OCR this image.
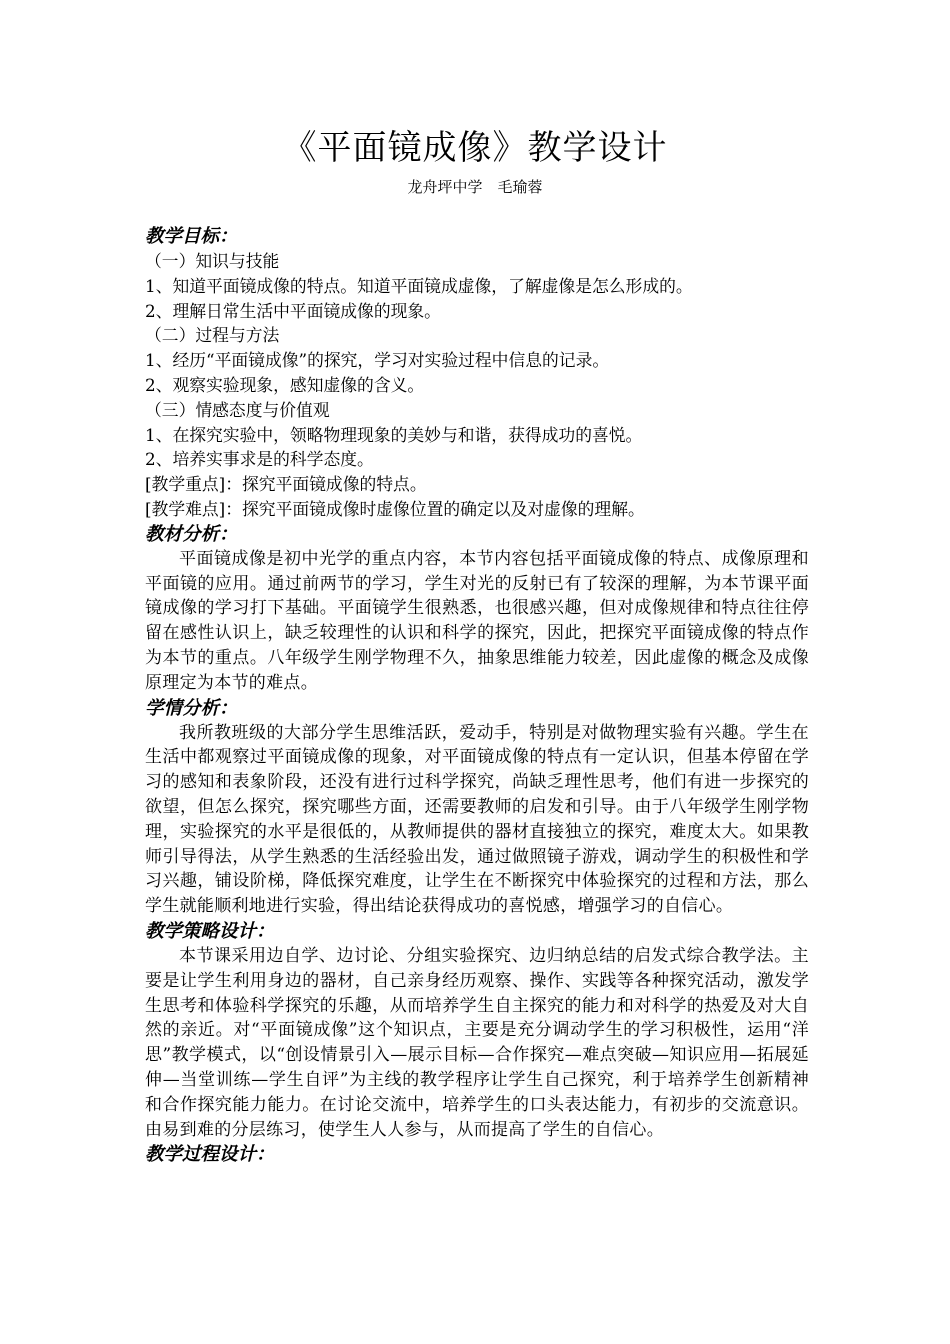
《平面镜成像》教学设计
龙舟坪中学　毛瑜蓉

教学目标：

（一）知识与技能

1、知道平面镜成像的特点。知道平面镜成虚像，了解虚像是怎么形成的。

2、理解日常生活中平面镜成像的现象。

（二）过程与方法

1、经历“平面镜成像”的探究，学习对实验过程中信息的记录。

2、观察实验现象，感知虚像的含义。

（三）情感态度与价值观

1、在探究实验中，领略物理现象的美妙与和谐，获得成功的喜悦。

2、培养实事求是的科学态度。

[教学重点]：探究平面镜成像的特点。

[教学难点]：探究平面镜成像时虚像位置的确定以及对虚像的理解。

教材分析：

平面镜成像是初中光学的重点内容，本节内容包括平面镜成像的特点、成像原理和平面镜的应用。通过前两节的学习，学生对光的反射已有了较深的理解，为本节课平面镜成像的学习打下基础。平面镜学生很熟悉，也很感兴趣，但对成像规律和特点往往停留在感性认识上，缺乏较理性的认识和科学的探究，因此，把探究平面镜成像的特点作为本节的重点。八年级学生刚学物理不久，抽象思维能力较差，因此虚像的概念及成像原理定为本节的难点。

学情分析：

我所教班级的大部分学生思维活跃，爱动手，特别是对做物理实验有兴趣。学生在生活中都观察过平面镜成像的现象，对平面镜成像的特点有一定认识，但基本停留在学习的感知和表象阶段，还没有进行过科学探究，尚缺乏理性思考，他们有进一步探究的欲望，但怎么探究，探究哪些方面，还需要教师的启发和引导。由于八年级学生刚学物理，实验探究的水平是很低的，从教师提供的器材直接独立的探究，难度太大。如果教师引导得法，从学生熟悉的生活经验出发，通过做照镜子游戏，调动学生的积极性和学习兴趣，铺设阶梯，降低探究难度，让学生在不断探究中体验探究的过程和方法，那么学生就能顺利地进行实验，得出结论获得成功的喜悦感，增强学习的自信心。

教学策略设计：

本节课采用边自学、边讨论、分组实验探究、边归纳总结的启发式综合教学法。主要是让学生利用身边的器材，自己亲身经历观察、操作、实践等各种探究活动，激发学生思考和体验科学探究的乐趣，从而培养学生自主探究的能力和对科学的热爱及对大自然的亲近。对“平面镜成像”这个知识点，主要是充分调动学生的学习积极性，运用“洋思”教学模式，以“创设情景引入—展示目标—合作探究—难点突破—知识应用—拓展延伸—当堂训练—学生自评”为主线的教学程序让学生自己探究，利于培养学生创新精神和合作探究能力能力。在讨论交流中，培养学生的口头表达能力，有初步的交流意识。由易到难的分层练习，使学生人人参与，从而提高了学生的自信心。

教学过程设计：
